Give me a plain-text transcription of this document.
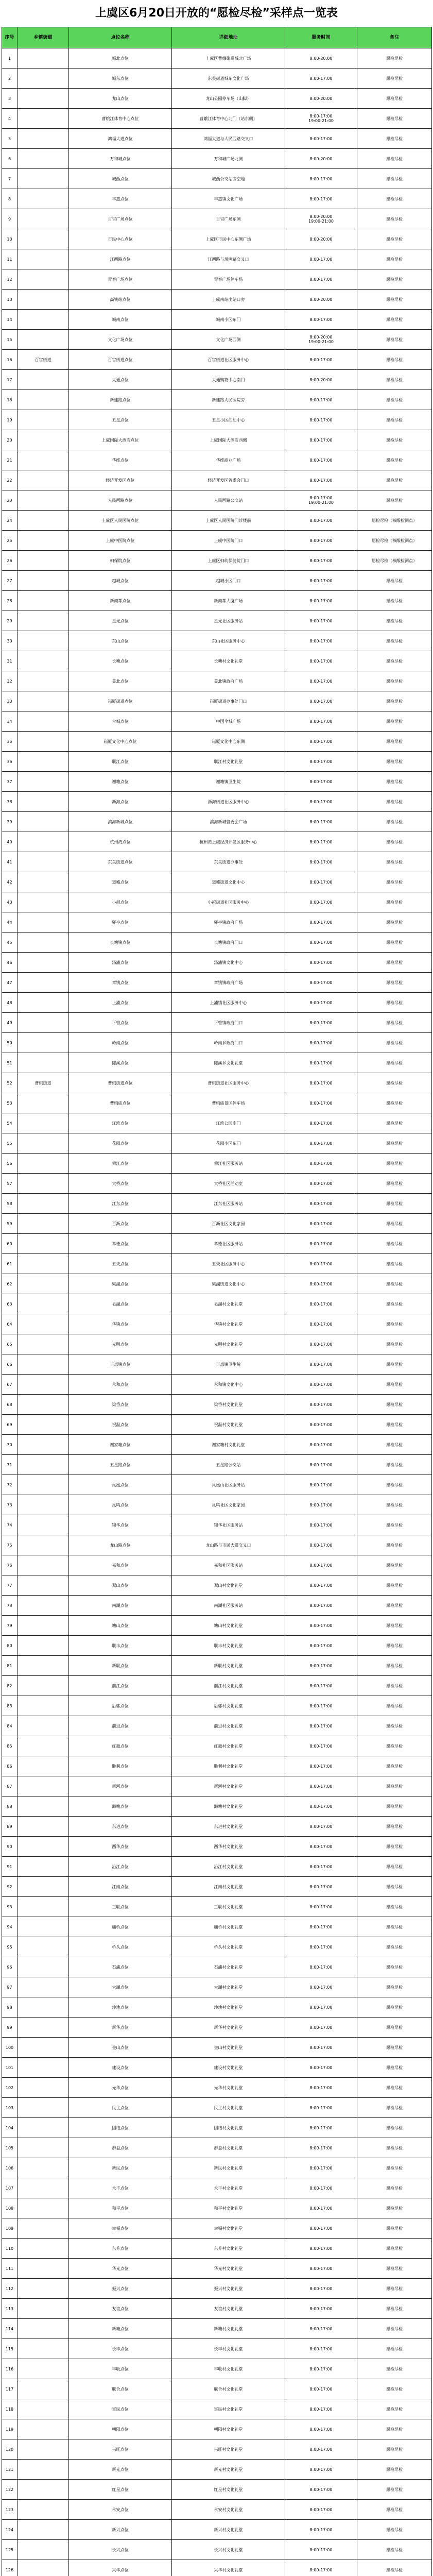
上虞区6月20日开放的“愿检尽检”采样点一览表
序号	乡镇街道	点位名称	详细地址	服务时间	备注
1		城北点位	上虞区曹娥街道城北广场	8:00-20:00	愿检尽检
2		城东点位	东关街道城东文化广场	8:00-17:00	愿检尽检
3		龙山点位	龙山公园停车场（山脚）	8:00-20:00	愿检尽检
4		曹娥江体育中心点位	曹娥江体育中心北门（站东侧）	8:00-17:00
19:00-21:00	愿检尽检
5		鸿福大道点位	鸿福大道与人民西路交叉口	8:00-17:00	愿检尽检
6		万和城点位	万和城广场北侧	8:00-20:00	愿检尽检
7		城西点位	城西公交站旁空地	8:00-17:00	愿检尽检
8		丰惠点位	丰惠镇文化广场	8:00-17:00	愿检尽检
9		百官广场点位	百官广场东侧	8:00-20:00
19:00-21:00	愿检尽检
10		市民中心点位	上虞区市民中心东侧广场	8:00-20:00	愿检尽检
11		江西路点位	江西路与凤鸣路交叉口	8:00-17:00	愿检尽检
12		青春广场点位	青春广场停车场	8:00-17:00	愿检尽检
13		高铁站点位	上虞南站出站口旁	8:00-20:00	愿检尽检
14		城南点位	城南小区东门	8:00-17:00	愿检尽检
15		文化广场点位	文化广场西侧	8:00-20:00
19:00-21:00	愿检尽检
16	百官街道	百官街道点位	百官街道社区服务中心	8:00-17:00	愿检尽检
17		大通点位	大通购物中心南门	8:00-20:00	愿检尽检
18		新建路点位	新建路人民医院旁	8:00-17:00	愿检尽检
19		五星点位	五星小区活动中心	8:00-17:00	愿检尽检
20		上虞国际大酒店点位	上虞国际大酒店西侧	8:00-17:00	愿检尽检
21		华维点位	华维商业广场	8:00-17:00	愿检尽检
22		经济开发区点位	经济开发区管委会门口	8:00-17:00	愿检尽检
23		人民西路点位	人民西路公交站	8:00-17:00
19:00-21:00	愿检尽检
24		上虞区人民医院点位	上虞区人民医院门诊楼前	8:00-17:00	愿检尽检（核酸检测点）
25		上虞中医院点位	上虞中医院门口	8:00-17:00	愿检尽检（核酸检测点）
26		妇保院点位	上虞区妇幼保健院门口	8:00-17:00	愿检尽检（核酸检测点）
27		越城点位	越城小区门口	8:00-17:00	愿检尽检
28		新商都点位	新商都大厦广场	8:00-17:00	愿检尽检
29		星光点位	星光社区服务站	8:00-17:00	愿检尽检
30		东山点位	东山社区服务中心	8:00-17:00	愿检尽检
31		长塘点位	长塘村文化礼堂	8:00-17:00	愿检尽检
32		盖北点位	盖北镇政府广场	8:00-17:00	愿检尽检
33		崧厦街道点位	崧厦街道办事处门口	8:00-17:00	愿检尽检
34		伞城点位	中国伞城广场	8:00-17:00	愿检尽检
35		崧厦文化中心点位	崧厦文化中心东侧	8:00-17:00	愿检尽检
36		联江点位	联江村文化礼堂	8:00-17:00	愿检尽检
37		谢塘点位	谢塘镇卫生院	8:00-17:00	愿检尽检
38		沥海点位	沥海街道社区服务中心	8:00-17:00	愿检尽检
39		滨海新城点位	滨海新城管委会广场	8:00-17:00	愿检尽检
40		杭州湾点位	杭州湾上虞经济开发区服务中心	8:00-17:00	愿检尽检
41		东关街道点位	东关街道办事处	8:00-17:00	愿检尽检
42		道墟点位	道墟街道文化中心	8:00-17:00	愿检尽检
43		小越点位	小越街道社区服务中心	8:00-17:00	愿检尽检
44		驿亭点位	驿亭镇政府广场	8:00-17:00	愿检尽检
45		长塘镇点位	长塘镇政府门口	8:00-17:00	愿检尽检
46		汤浦点位	汤浦镇文化中心	8:00-17:00	愿检尽检
47		章镇点位	章镇镇政府广场	8:00-17:00	愿检尽检
48		上浦点位	上浦镇社区服务中心	8:00-17:00	愿检尽检
49		下管点位	下管镇政府门口	8:00-17:00	愿检尽检
50		岭南点位	岭南乡政府门口	8:00-17:00	愿检尽检
51		陈溪点位	陈溪乡文化礼堂	8:00-17:00	愿检尽检
52	曹娥街道	曹娥街道点位	曹娥街道社区服务中心	8:00-17:00	愿检尽检
53		曹娥庙点位	曹娥庙景区停车场	8:00-17:00	愿检尽检
54		江滨点位	江滨公园南门	8:00-17:00	愿检尽检
55		花园点位	花园小区东门	8:00-17:00	愿检尽检
56		舜江点位	舜江社区服务站	8:00-17:00	愿检尽检
57		大桥点位	大桥社区活动室	8:00-17:00	愿检尽检
58		江东点位	江东社区服务站	8:00-17:00	愿检尽检
59		百沥点位	百沥社区文化家园	8:00-17:00	愿检尽检
60		孝德点位	孝德社区服务站	8:00-17:00	愿检尽检
61		五夫点位	五夫社区服务中心	8:00-17:00	愿检尽检
62		梁湖点位	梁湖街道文化中心	8:00-17:00	愿检尽检
63		皂湖点位	皂湖村文化礼堂	8:00-17:00	愿检尽检
64		华镇点位	华镇村文化礼堂	8:00-17:00	愿检尽检
65		光明点位	光明村文化礼堂	8:00-17:00	愿检尽检
66		丰惠镇点位	丰惠镇卫生院	8:00-17:00	愿检尽检
67		永和点位	永和镇文化中心	8:00-17:00	愿检尽检
68		梁岙点位	梁岙村文化礼堂	8:00-17:00	愿检尽检
69		祝温点位	祝温村文化礼堂	8:00-17:00	愿检尽检
70		谢家塘点位	谢家塘村文化礼堂	8:00-17:00	愿检尽检
71		五星路点位	五星路公交站	8:00-17:00	愿检尽检
72		凤凰点位	凤凰山社区服务站	8:00-17:00	愿检尽检
73		凤鸣点位	凤鸣社区文化家园	8:00-17:00	愿检尽检
74		锦华点位	锦华社区服务站	8:00-17:00	愿检尽检
75		龙山路点位	龙山路与市民大道交叉口	8:00-17:00	愿检尽检
76		嘉和点位	嘉和社区服务站	8:00-17:00	愿检尽检
77		双山点位	双山村文化礼堂	8:00-17:00	愿检尽检
78		南湖点位	南湖社区服务站	8:00-17:00	愿检尽检
79		塘山点位	塘山村文化礼堂	8:00-17:00	愿检尽检
80		联丰点位	联丰村文化礼堂	8:00-17:00	愿检尽检
81		新联点位	新联村文化礼堂	8:00-17:00	愿检尽检
82		前江点位	前江村文化礼堂	8:00-17:00	愿检尽检
83		后郭点位	后郭村文化礼堂	8:00-17:00	愿检尽检
84		前进点位	前进村文化礼堂	8:00-17:00	愿检尽检
85		红旗点位	红旗村文化礼堂	8:00-17:00	愿检尽检
86		胜利点位	胜利村文化礼堂	8:00-17:00	愿检尽检
87		新河点位	新河村文化礼堂	8:00-17:00	愿检尽检
88		海塘点位	海塘村文化礼堂	8:00-17:00	愿检尽检
89		东进点位	东进村文化礼堂	8:00-17:00	愿检尽检
90		西华点位	西华村文化礼堂	8:00-17:00	愿检尽检
91		沿江点位	沿江村文化礼堂	8:00-17:00	愿检尽检
92		江南点位	江南村文化礼堂	8:00-17:00	愿检尽检
93		三联点位	三联村文化礼堂	8:00-17:00	愿检尽检
94		庙桥点位	庙桥村文化礼堂	8:00-17:00	愿检尽检
95		桥头点位	桥头村文化礼堂	8:00-17:00	愿检尽检
96		石浦点位	石浦村文化礼堂	8:00-17:00	愿检尽检
97		大湖点位	大湖村文化礼堂	8:00-17:00	愿检尽检
98		沙地点位	沙地村文化礼堂	8:00-17:00	愿检尽检
99		新华点位	新华村文化礼堂	8:00-17:00	愿检尽检
100		金山点位	金山村文化礼堂	8:00-17:00	愿检尽检
101		建设点位	建设村文化礼堂	8:00-17:00	愿检尽检
102		光华点位	光华村文化礼堂	8:00-17:00	愿检尽检
103		民主点位	民主村文化礼堂	8:00-17:00	愿检尽检
104		团结点位	团结村文化礼堂	8:00-17:00	愿检尽检
105		群益点位	群益村文化礼堂	8:00-17:00	愿检尽检
106		新民点位	新民村文化礼堂	8:00-17:00	愿检尽检
107		永丰点位	永丰村文化礼堂	8:00-17:00	愿检尽检
108		和平点位	和平村文化礼堂	8:00-17:00	愿检尽检
109		幸福点位	幸福村文化礼堂	8:00-17:00	愿检尽检
110		东升点位	东升村文化礼堂	8:00-17:00	愿检尽检
111		华光点位	华光村文化礼堂	8:00-17:00	愿检尽检
112		振兴点位	振兴村文化礼堂	8:00-17:00	愿检尽检
113		友谊点位	友谊村文化礼堂	8:00-17:00	愿检尽检
114		新塘点位	新塘村文化礼堂	8:00-17:00	愿检尽检
115		长丰点位	长丰村文化礼堂	8:00-17:00	愿检尽检
116		丰收点位	丰收村文化礼堂	8:00-17:00	愿检尽检
117		联合点位	联合村文化礼堂	8:00-17:00	愿检尽检
118		富民点位	富民村文化礼堂	8:00-17:00	愿检尽检
119		朝阳点位	朝阳村文化礼堂	8:00-17:00	愿检尽检
120		兴旺点位	兴旺村文化礼堂	8:00-17:00	愿检尽检
121		新光点位	新光村文化礼堂	8:00-17:00	愿检尽检
122		红星点位	红星村文化礼堂	8:00-17:00	愿检尽检
123		永安点位	永安村文化礼堂	8:00-17:00	愿检尽检
124		新兴点位	新兴村文化礼堂	8:00-17:00	愿检尽检
125		长兴点位	长兴村文化礼堂	8:00-17:00	愿检尽检
126		兴华点位	兴华村文化礼堂	8:00-17:00	愿检尽检
